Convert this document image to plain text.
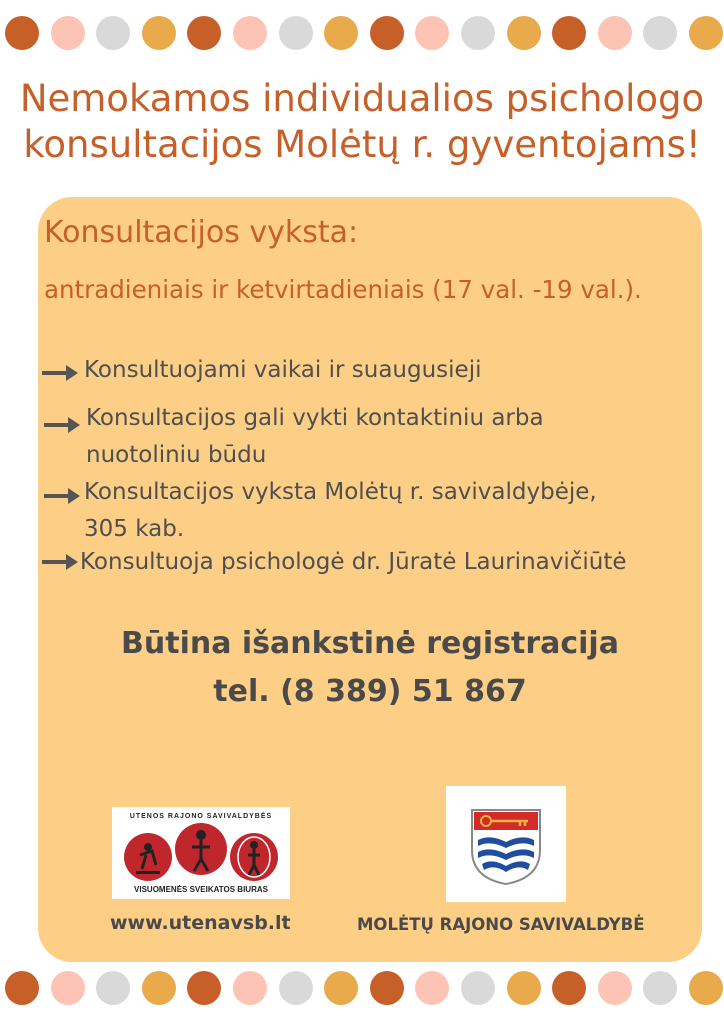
Nemokamos individualios psichologo
konsultacijos Molėtų r. gyventojams!
Konsultacijos vyksta:
antradieniais ir ketvirtadieniais (17 val. -19 val.).
Konsultuojami vaikai ir suaugusieji
Konsultacijos gali vykti kontaktiniu arba
nuotoliniu būdu
Konsultacijos vyksta Molėtų r. savivaldybėje,
305 kab.
Konsultuoja psichologė dr. Jūratė Laurinavičiūtė
Būtina išankstinė registracija
tel. (8 389) 51 867
UTENOS RAJONO SAVIVALDYBĖS
VISUOMENĖS SVEIKATOS BIURAS
www.utenavsb.lt	MOLĖTŲ RAJONO SAVIVALDYBĖ
